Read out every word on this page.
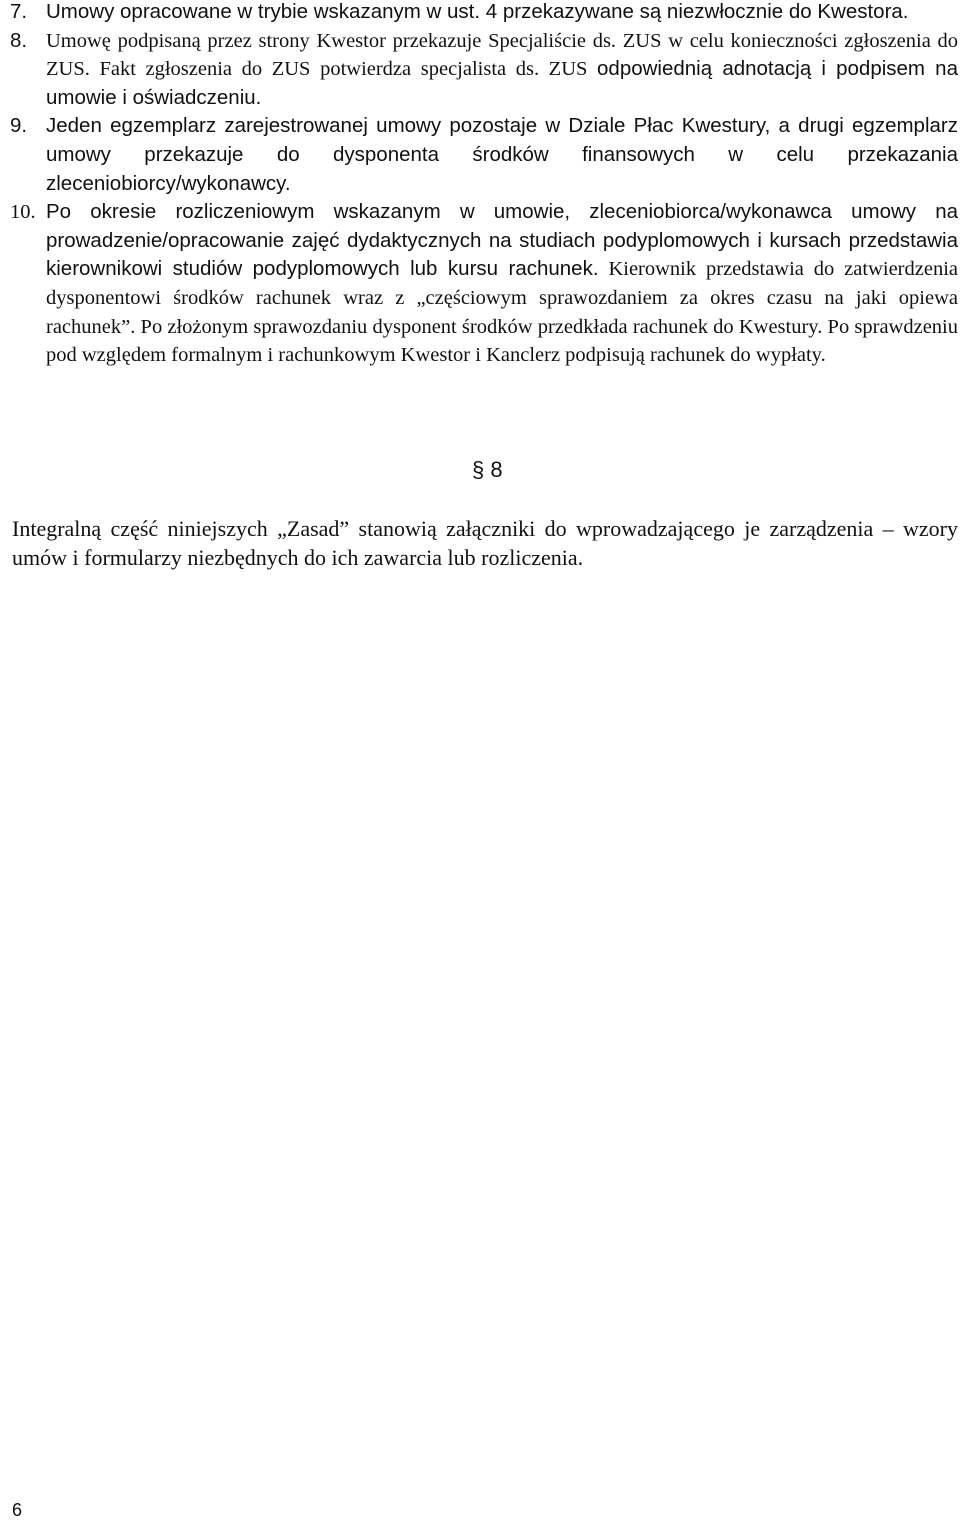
7. Umowy opracowane w trybie wskazanym w ust. 4 przekazywane są niezwłocznie do Kwestora.
8. Umowę podpisaną przez strony Kwestor przekazuje Specjaliście ds. ZUS w celu konieczności zgłoszenia do ZUS. Fakt zgłoszenia do ZUS potwierdza specjalista ds. ZUS odpowiednią adnotacją i podpisem na umowie i oświadczeniu.
9. Jeden egzemplarz zarejestrowanej umowy pozostaje w Dziale Płac Kwestury, a drugi egzemplarz umowy przekazuje do dysponenta środków finansowych w celu przekazania zleceniobiorcy/wykonawcy.
10. Po okresie rozliczeniowym wskazanym w umowie, zleceniobiorca/wykonawca umowy na prowadzenie/opracowanie zajęć dydaktycznych na studiach podyplomowych i kursach przedstawia kierownikowi studiów podyplomowych lub kursu rachunek. Kierownik przedstawia do zatwierdzenia dysponentowi środków rachunek wraz z „częściowym sprawozdaniem za okres czasu na jaki opiewa rachunek”. Po złożonym sprawozdaniu dysponent środków przedkłada rachunek do Kwestury. Po sprawdzeniu pod względem formalnym i rachunkowym Kwestor i Kanclerz podpisują rachunek do wypłaty.
§ 8

Integralną część niniejszych „Zasad” stanowią załączniki do wprowadzającego je zarządzenia – wzory umów i formularzy niezbędnych do ich zawarcia lub rozliczenia.

6
